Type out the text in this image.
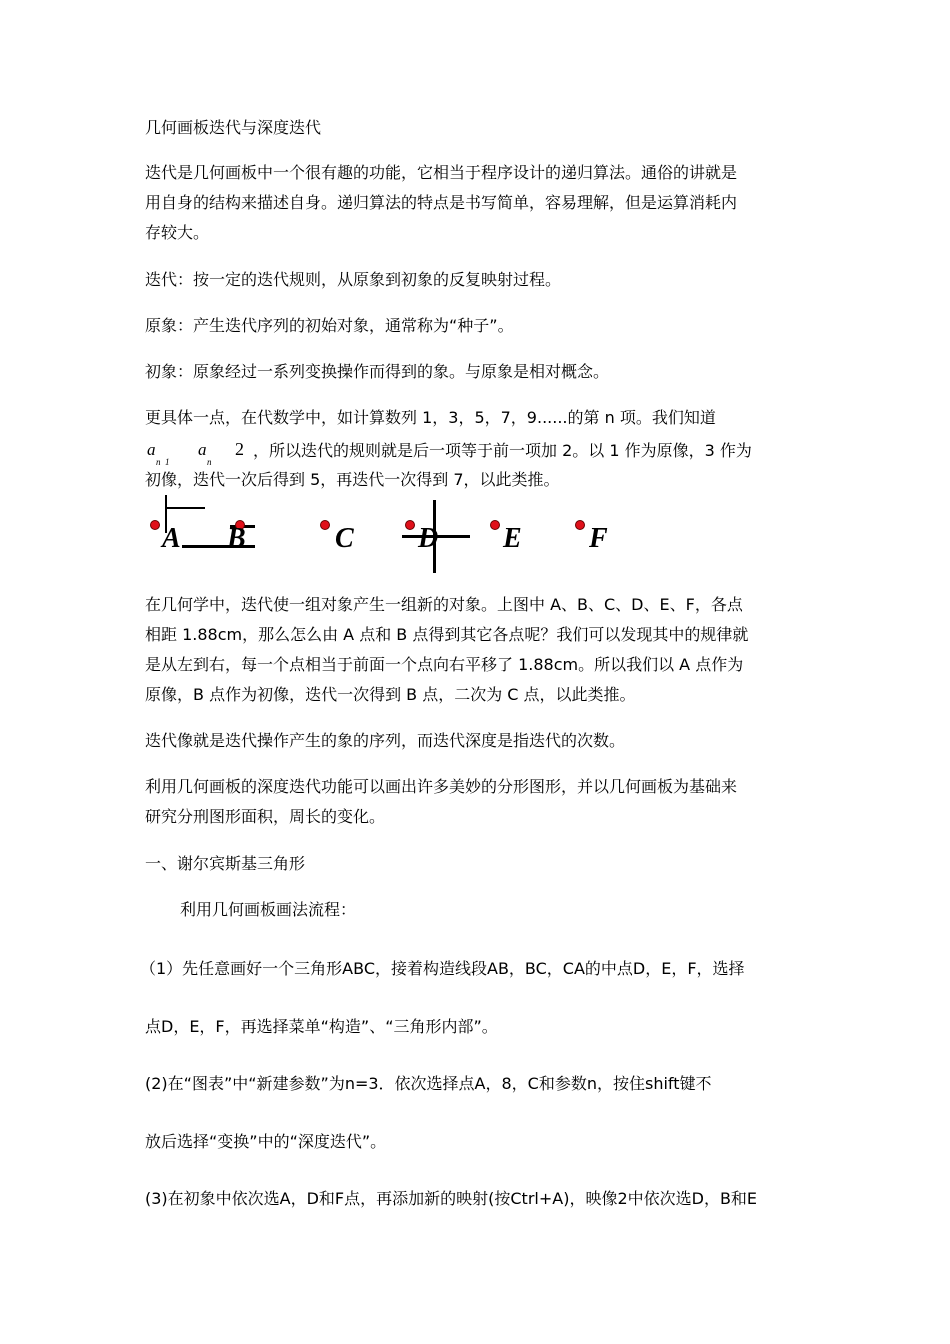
几何画板迭代与深度迭代

迭代是几何画板中一个很有趣的功能，它相当于程序设计的递归算法。通俗的讲就是

用自身的结构来描述自身。递归算法的特点是书写简单，容易理解，但是运算消耗内

存较大。

迭代：按一定的迭代规则，从原象到初象的反复映射过程。

原象：产生迭代序列的初始对象，通常称为“种子”。

初象：原象经过一系列变换操作而得到的象。与原象是相对概念。

更具体一点，在代数学中，如计算数列 1，3，5，7，9......的第 n 项。我们知道

a
n  1
a
n
2 ，所以迭代的规则就是后一项等于前一项加 2。以 1 作为原像，3 作为

初像，迭代一次后得到 5，再迭代一次得到 7，以此类推。

A B	C D E F

在几何学中，迭代使一组对象产生一组新的对象。上图中 A、B、C、D、E、F，各点

相距 1.88cm，那么怎么由 A 点和 B 点得到其它各点呢？我们可以发现其中的规律就

是从左到右，每一个点相当于前面一个点向右平移了 1.88cm。所以我们以 A 点作为

原像，B 点作为初像，迭代一次得到 B 点，二次为 C 点，以此类推。

迭代像就是迭代操作产生的象的序列，而迭代深度是指迭代的次数。

利用几何画板的深度迭代功能可以画出许多美妙的分形图形，并以几何画板为基础来

研究分刑图形面积，周长的变化。

一、谢尔宾斯基三角形

利用几何画板画法流程：

（1）先任意画好一个三角形ABC，接着构造线段AB，BC，CA的中点D，E，F，选择

点D，E，F，再选择菜单“构造”、“三角形内部”。

(2)在“图表”中“新建参数”为n=3．依次选择点A，8，C和参数n，按住shift键不

放后选择“变换”中的“深度迭代”。

(3)在初象中依次选A，D和F点，再添加新的映射(按Ctrl+A)，映像2中依次选D，B和E
